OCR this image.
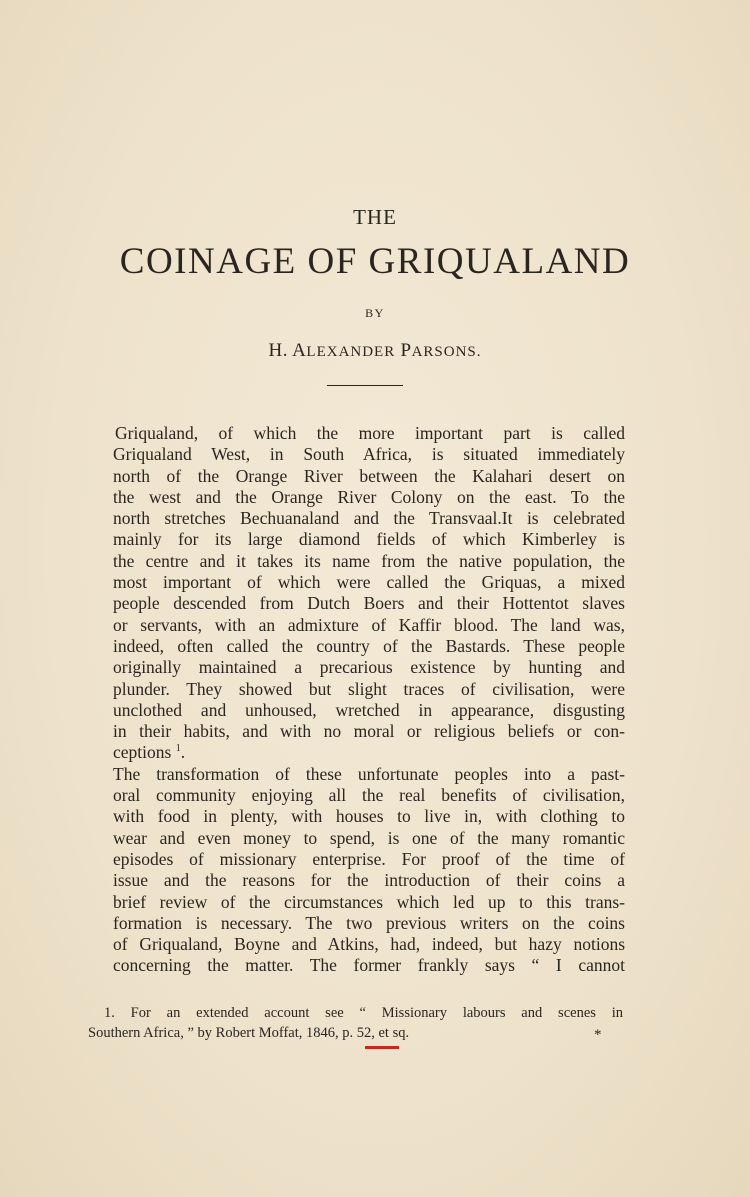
THE
COINAGE OF GRIQUALAND
BY
H. ALEXANDER PARSONS.
Griqualand, of which the more important part is called
Griqualand West, in South Africa, is situated immediately
north of the Orange River between the Kalahari desert on
the west and the Orange River Colony on the east. To the
north stretches Bechuanaland and the Transvaal.It is celebrated
mainly for its large diamond fields of which Kimberley is
the centre and it takes its name from the native population, the
most important of which were called the Griquas, a mixed
people descended from Dutch Boers and their Hottentot slaves
or servants, with an admixture of Kaffir blood. The land was,
indeed, often called the country of the Bastards. These people
originally maintained a precarious existence by hunting and
plunder. They showed but slight traces of civilisation, were
unclothed and unhoused, wretched in appearance, disgusting
in their habits, and with no moral or religious beliefs or con-
ceptions $^1$.
The transformation of these unfortunate peoples into a past-
oral community enjoying all the real benefits of civilisation,
with food in plenty, with houses to live in, with clothing to
wear and even money to spend, is one of the many romantic
episodes of missionary enterprise. For proof of the time of
issue and the reasons for the introduction of their coins a
brief review of the circumstances which led up to this trans-
formation is necessary. The two previous writers on the coins
of Griqualand, Boyne and Atkins, had, indeed, but hazy notions
concerning the matter. The former frankly says “ I cannot
1. For an extended account see “ Missionary labours and scenes in
Southern Africa, ” by Robert Moffat, 1846, p. 52, et sq.	*
